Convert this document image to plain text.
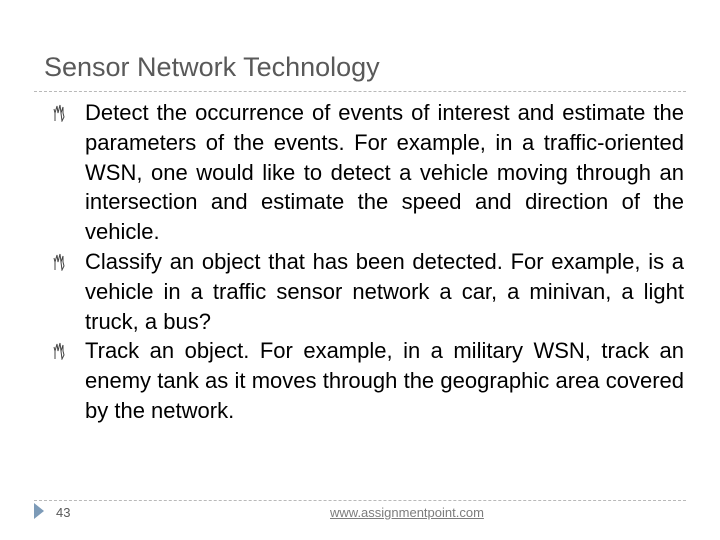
Sensor Network Technology
Detect the occurrence of events of interest and estimate the parameters of the events. For example, in a traffic-oriented WSN, one would like to detect a vehicle moving through an intersection and estimate the speed and direction of the vehicle.
Classify an object that has been detected. For example, is a vehicle in a traffic sensor network a car, a minivan, a light truck, a bus?
Track an object. For example, in a military WSN, track an enemy tank as it moves through the geographic area covered by the network.
43	www.assignmentpoint.com
